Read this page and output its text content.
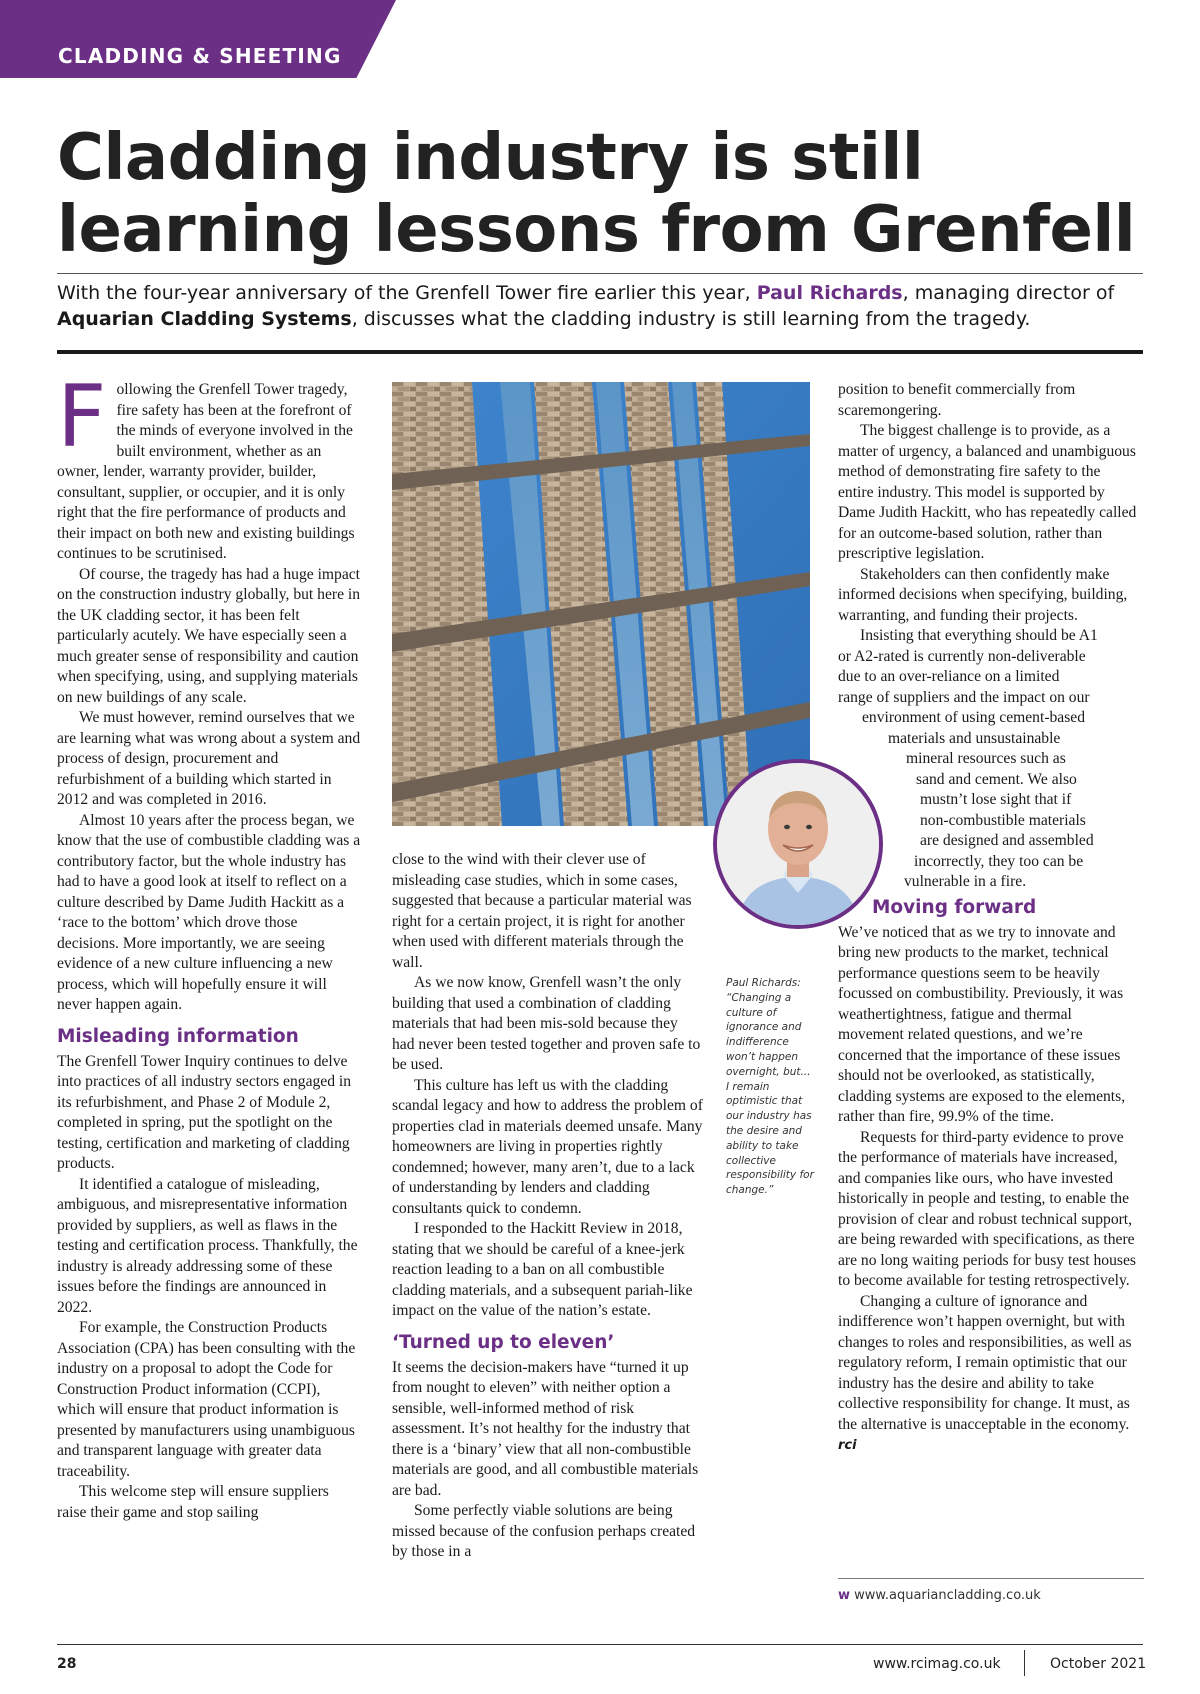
CLADDING & SHEETING
Cladding industry is still learning lessons from Grenfell
With the four-year anniversary of the Grenfell Tower fire earlier this year, Paul Richards, managing director of Aquarian Cladding Systems, discusses what the cladding industry is still learning from the tragedy.

Following the Grenfell Tower tragedy, fire safety has been at the forefront of the minds of everyone involved in the built environment, whether as an owner, lender, warranty provider, builder, consultant, supplier, or occupier, and it is only right that the fire performance of products and their impact on both new and existing buildings continues to be scrutinised.

Of course, the tragedy has had a huge impact on the construction industry globally, but here in the UK cladding sector, it has been felt particularly acutely. We have especially seen a much greater sense of responsibility and caution when specifying, using, and supplying materials on new buildings of any scale.

We must however, remind ourselves that we are learning what was wrong about a system and process of design, procurement and refurbishment of a building which started in 2012 and was completed in 2016.

Almost 10 years after the process began, we know that the use of combustible cladding was a contributory factor, but the whole industry has had to have a good look at itself to reflect on a culture described by Dame Judith Hackitt as a ‘race to the bottom’ which drove those decisions. More importantly, we are seeing evidence of a new culture influencing a new process, which will hopefully ensure it will never happen again.

Misleading information

The Grenfell Tower Inquiry continues to delve into practices of all industry sectors engaged in its refurbishment, and Phase 2 of Module 2, completed in spring, put the spotlight on the testing, certification and marketing of cladding products.

It identified a catalogue of misleading, ambiguous, and misrepresentative information provided by suppliers, as well as flaws in the testing and certification process. Thankfully, the industry is already addressing some of these issues before the findings are announced in 2022.

For example, the Construction Products Association (CPA) has been consulting with the industry on a proposal to adopt the Code for Construction Product information (CCPI), which will ensure that product information is presented by manufacturers using unambiguous and transparent language with greater data traceability.

This welcome step will ensure suppliers raise their game and stop sailing

close to the wind with their clever use of misleading case studies, which in some cases, suggested that because a particular material was right for a certain project, it is right for another when used with different materials through the wall.

As we now know, Grenfell wasn’t the only building that used a combination of cladding materials that had been mis-sold because they had never been tested together and proven safe to be used.

This culture has left us with the cladding scandal legacy and how to address the problem of properties clad in materials deemed unsafe. Many homeowners are living in properties rightly condemned; however, many aren’t, due to a lack of understanding by lenders and cladding consultants quick to condemn.

I responded to the Hackitt Review in 2018, stating that we should be careful of a knee-jerk reaction leading to a ban on all combustible cladding materials, and a subsequent pariah-like impact on the value of the nation’s estate.

‘Turned up to eleven’

It seems the decision-makers have “turned it up from nought to eleven” with neither option a sensible, well-informed method of risk assessment. It’s not healthy for the industry that there is a ‘binary’ view that all non-combustible materials are good, and all combustible materials are bad.

Some perfectly viable solutions are being missed because of the confusion perhaps created by those in a

Paul Richards: “Changing a culture of ignorance and indifference won’t happen overnight, but... I remain optimistic that our industry has the desire and ability to take collective responsibility for change.”

position to benefit commercially from scaremongering.

The biggest challenge is to provide, as a matter of urgency, a balanced and unambiguous method of demonstrating fire safety to the entire industry. This model is supported by Dame Judith Hackitt, who has repeatedly called for an outcome-based solution, rather than prescriptive legislation.

Stakeholders can then confidently make informed decisions when specifying, building, warranting, and funding their projects.

Insisting that everything should be A1
or A2-rated is currently non-deliverable
due to an over-reliance on a limited
range of suppliers and the impact on our
environment of using cement-based
materials and unsustainable
mineral resources such as
sand and cement. We also
mustn’t lose sight that if
non-combustible materials
are designed and assembled
incorrectly, they too can be
vulnerable in a fire.
Moving forward

We’ve noticed that as we try to innovate and bring new products to the market, technical performance questions seem to be heavily focussed on combustibility. Previously, it was weathertightness, fatigue and thermal movement related questions, and we’re concerned that the importance of these issues should not be overlooked, as statistically, cladding systems are exposed to the elements, rather than fire, 99.9% of the time.

Requests for third-party evidence to prove the performance of materials have increased, and companies like ours, who have invested historically in people and testing, to enable the provision of clear and robust technical support, are being rewarded with specifications, as there are no long waiting periods for busy test houses to become available for testing retrospectively.

Changing a culture of ignorance and indifference won’t happen overnight, but with changes to roles and responsibilities, as well as regulatory reform, I remain optimistic that our industry has the desire and ability to take collective responsibility for change. It must, as the alternative is unacceptable in the economy. rci

w www.aquariancladding.co.uk
28	www.rcimag.co.uk	October 2021
